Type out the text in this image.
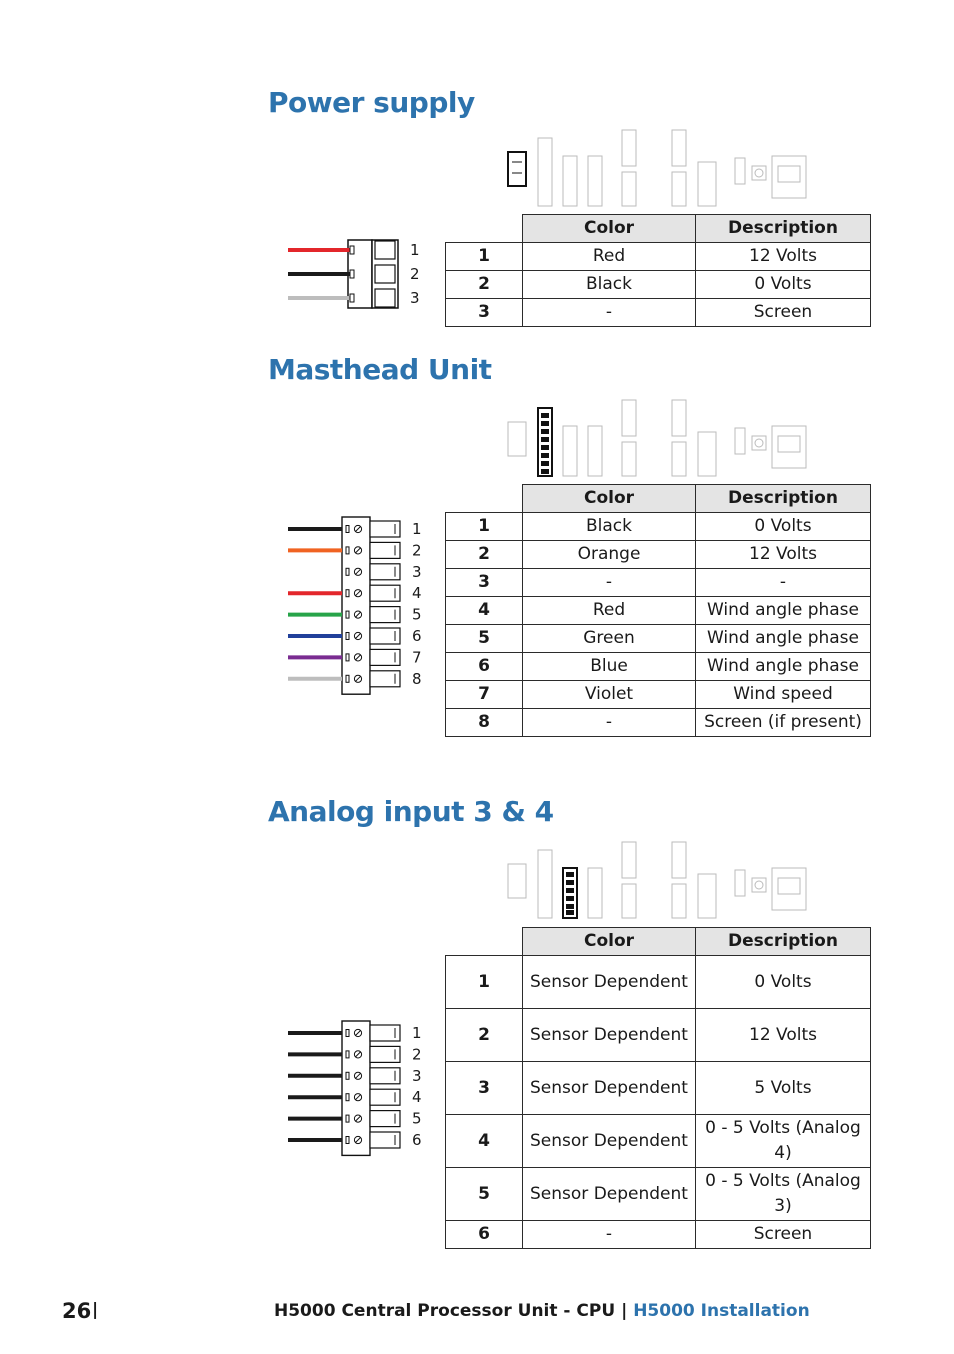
Power supply
1
2
3
	Color	Description
1	Red	12 Volts
2	Black	0 Volts
3	-	Screen
Masthead Unit
1
2
3
4
5
6
7
8
	Color	Description
1	Black	0 Volts
2	Orange	12 Volts
3	-	-
4	Red	Wind angle phase
5	Green	Wind angle phase
6	Blue	Wind angle phase
7	Violet	Wind speed
8	-	Screen (if present)
Analog input 3 & 4
1
2
3
4
5
6
	Color	Description
1	Sensor Dependent	0 Volts
2	Sensor Dependent	12 Volts
3	Sensor Dependent	5 Volts
4	Sensor Dependent	0 - 5 Volts (Analog 4)
5	Sensor Dependent	0 - 5 Volts (Analog 3)
6	-	Screen
26 |	H5000 Central Processor Unit - CPU | H5000 Installation
